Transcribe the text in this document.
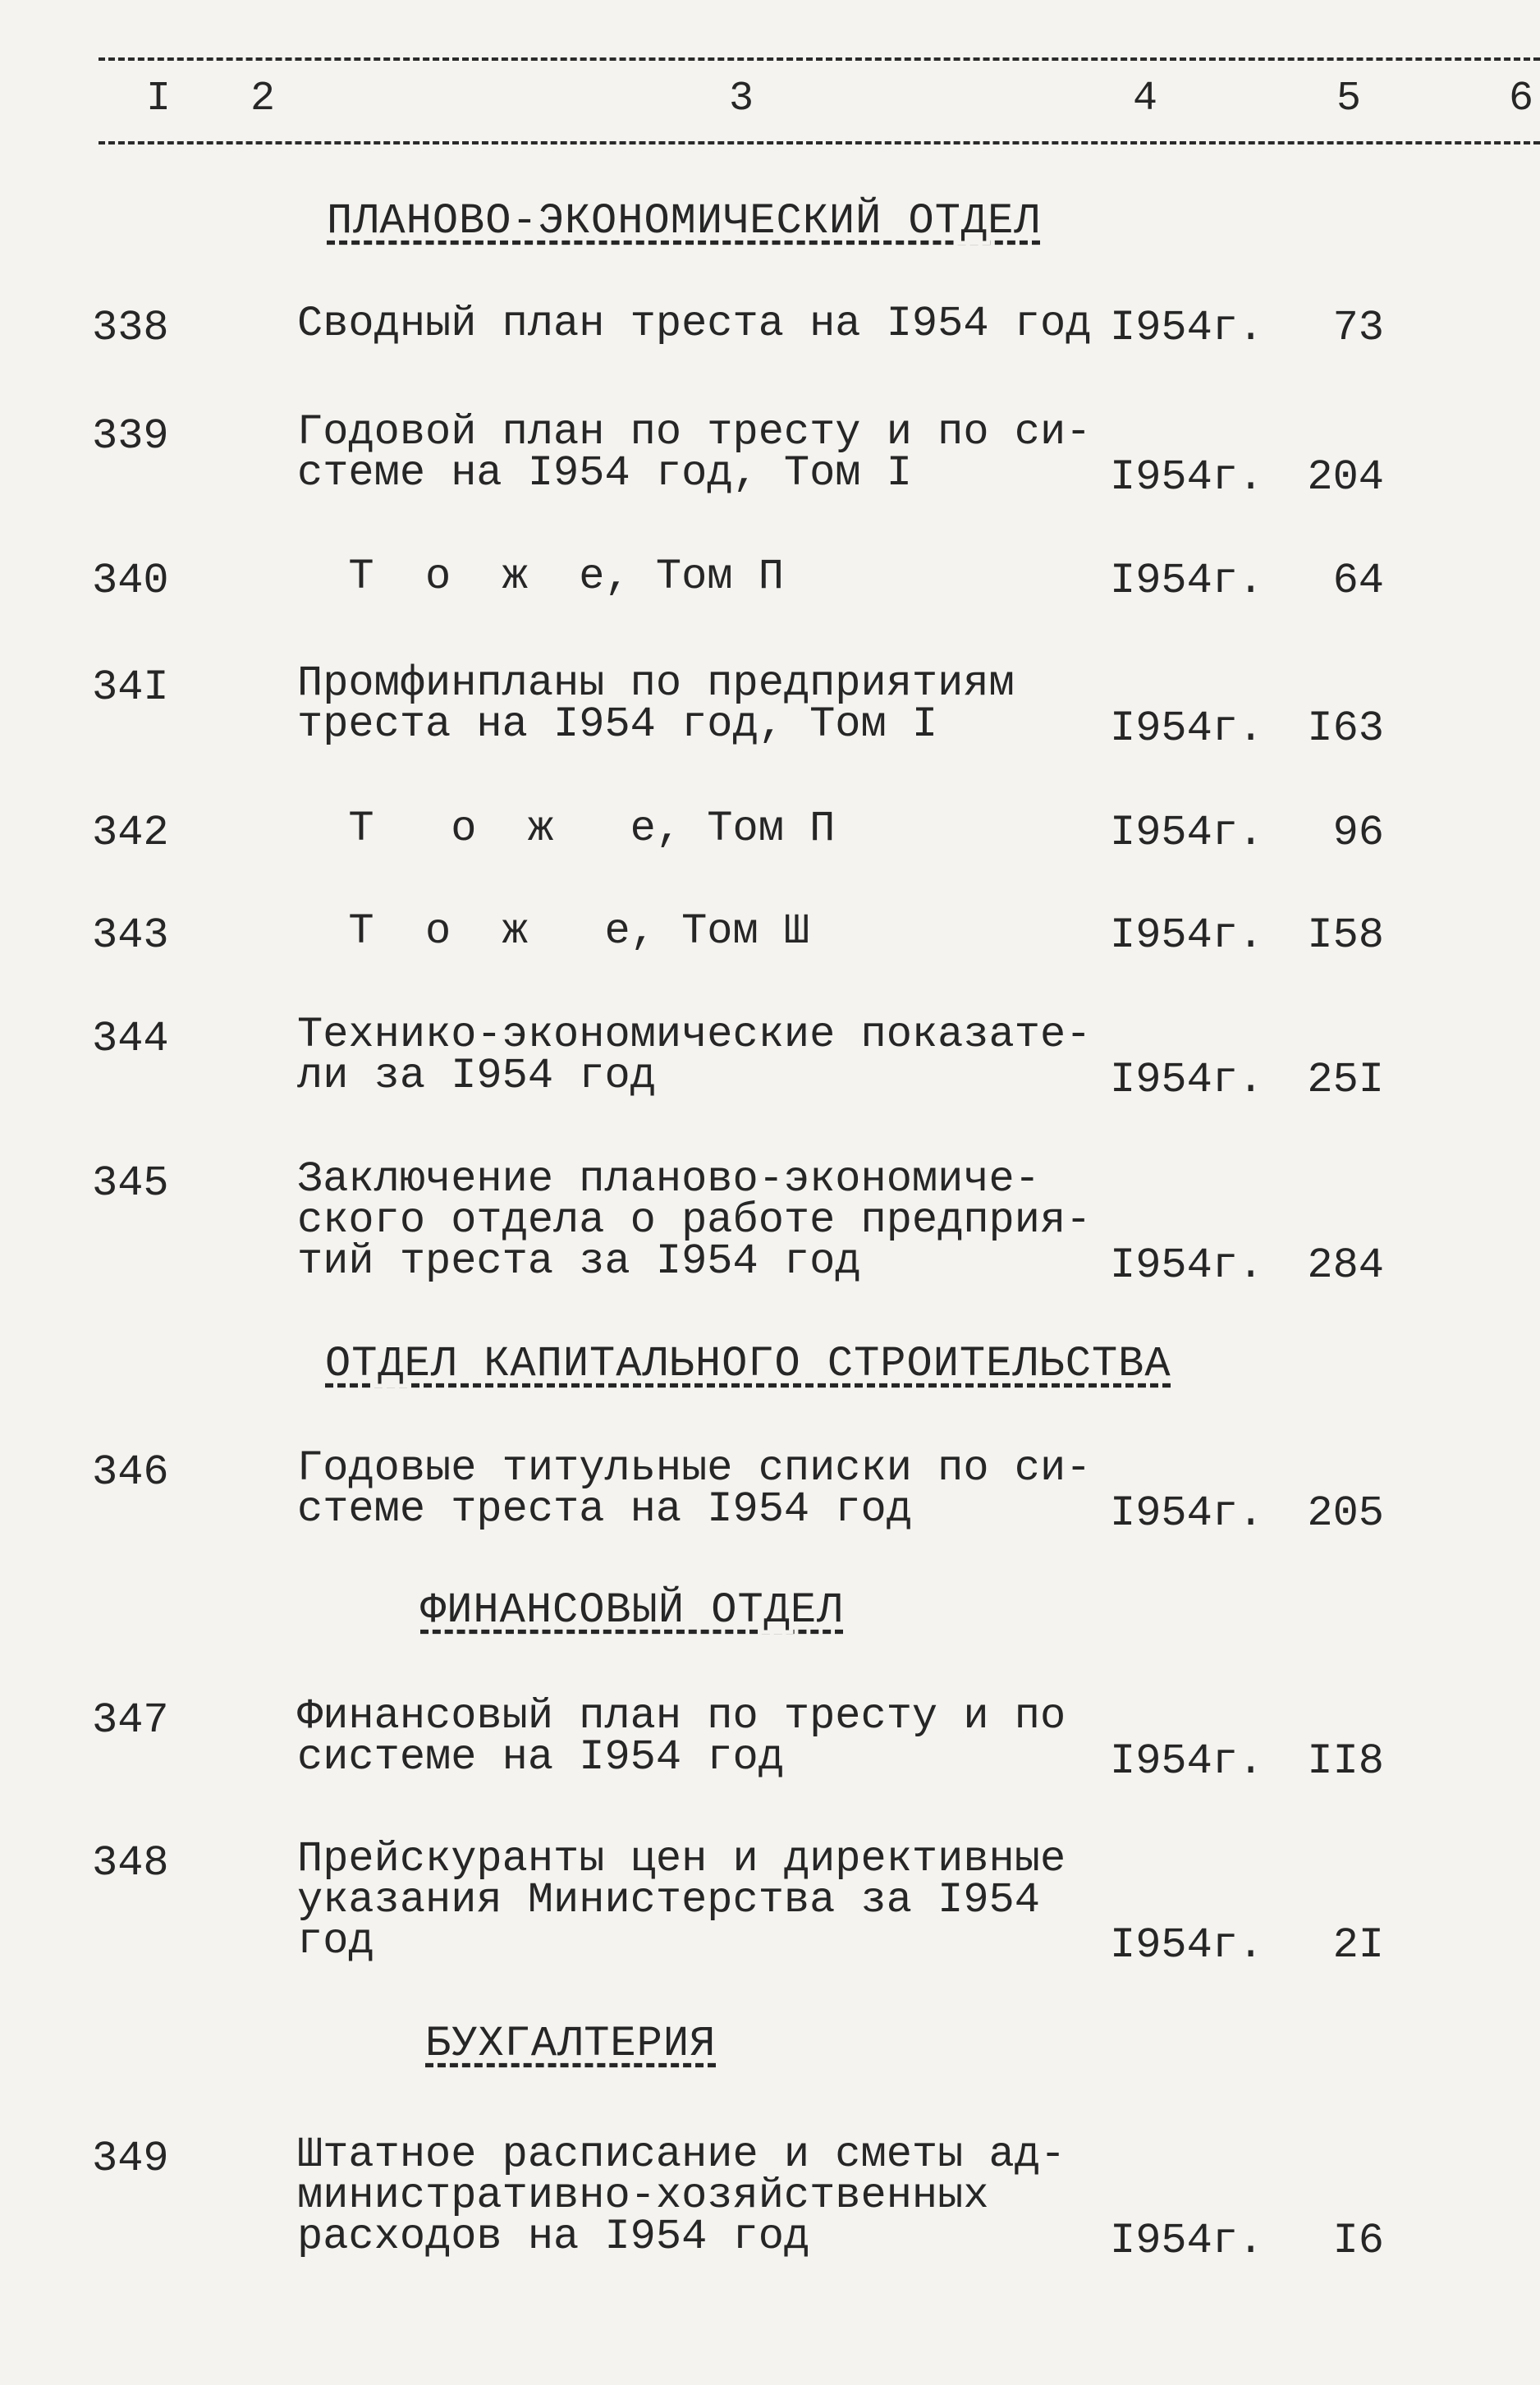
I 2	3	4	5	6
ПЛАНОВО-ЭКОНОМИЧЕСКИЙ ОТДЕЛ
338	Сводный план треста на I954 год I954г. 73
339	Годовой план по тресту и по си-
стеме на I954 год, Том I	I954г. 204
340	Т  о  ж  е, Том П	I954г. 64
34I	Промфинпланы по предприятиям
треста на I954 год, Том I	I954г. I63
342	Т   о  ж   е, Том П	I954г. 96
343	Т  о  ж   е, Том Ш	I954г. I58
344	Технико-экономические показате-
ли за I954 год	I954г. 25I
345	Заключение планово-экономиче-
ского отдела о работе предприя-
тий треста за I954 год	I954г. 284
ОТДЕЛ КАПИТАЛЬНОГО СТРОИТЕЛЬСТВА
346	Годовые титульные списки по си-
стеме треста на I954 год	I954г. 205
ФИНАНСОВЫЙ ОТДЕЛ
347	Финансовый план по тресту и по
системе на I954 год	I954г. II8
348	Прейскуранты цен и директивные
указания Министерства за I954
год	I954г. 2I
БУХГАЛТЕРИЯ
349	Штатное расписание и сметы ад-
министративно-хозяйственных
расходов на I954 год	I954г. I6
